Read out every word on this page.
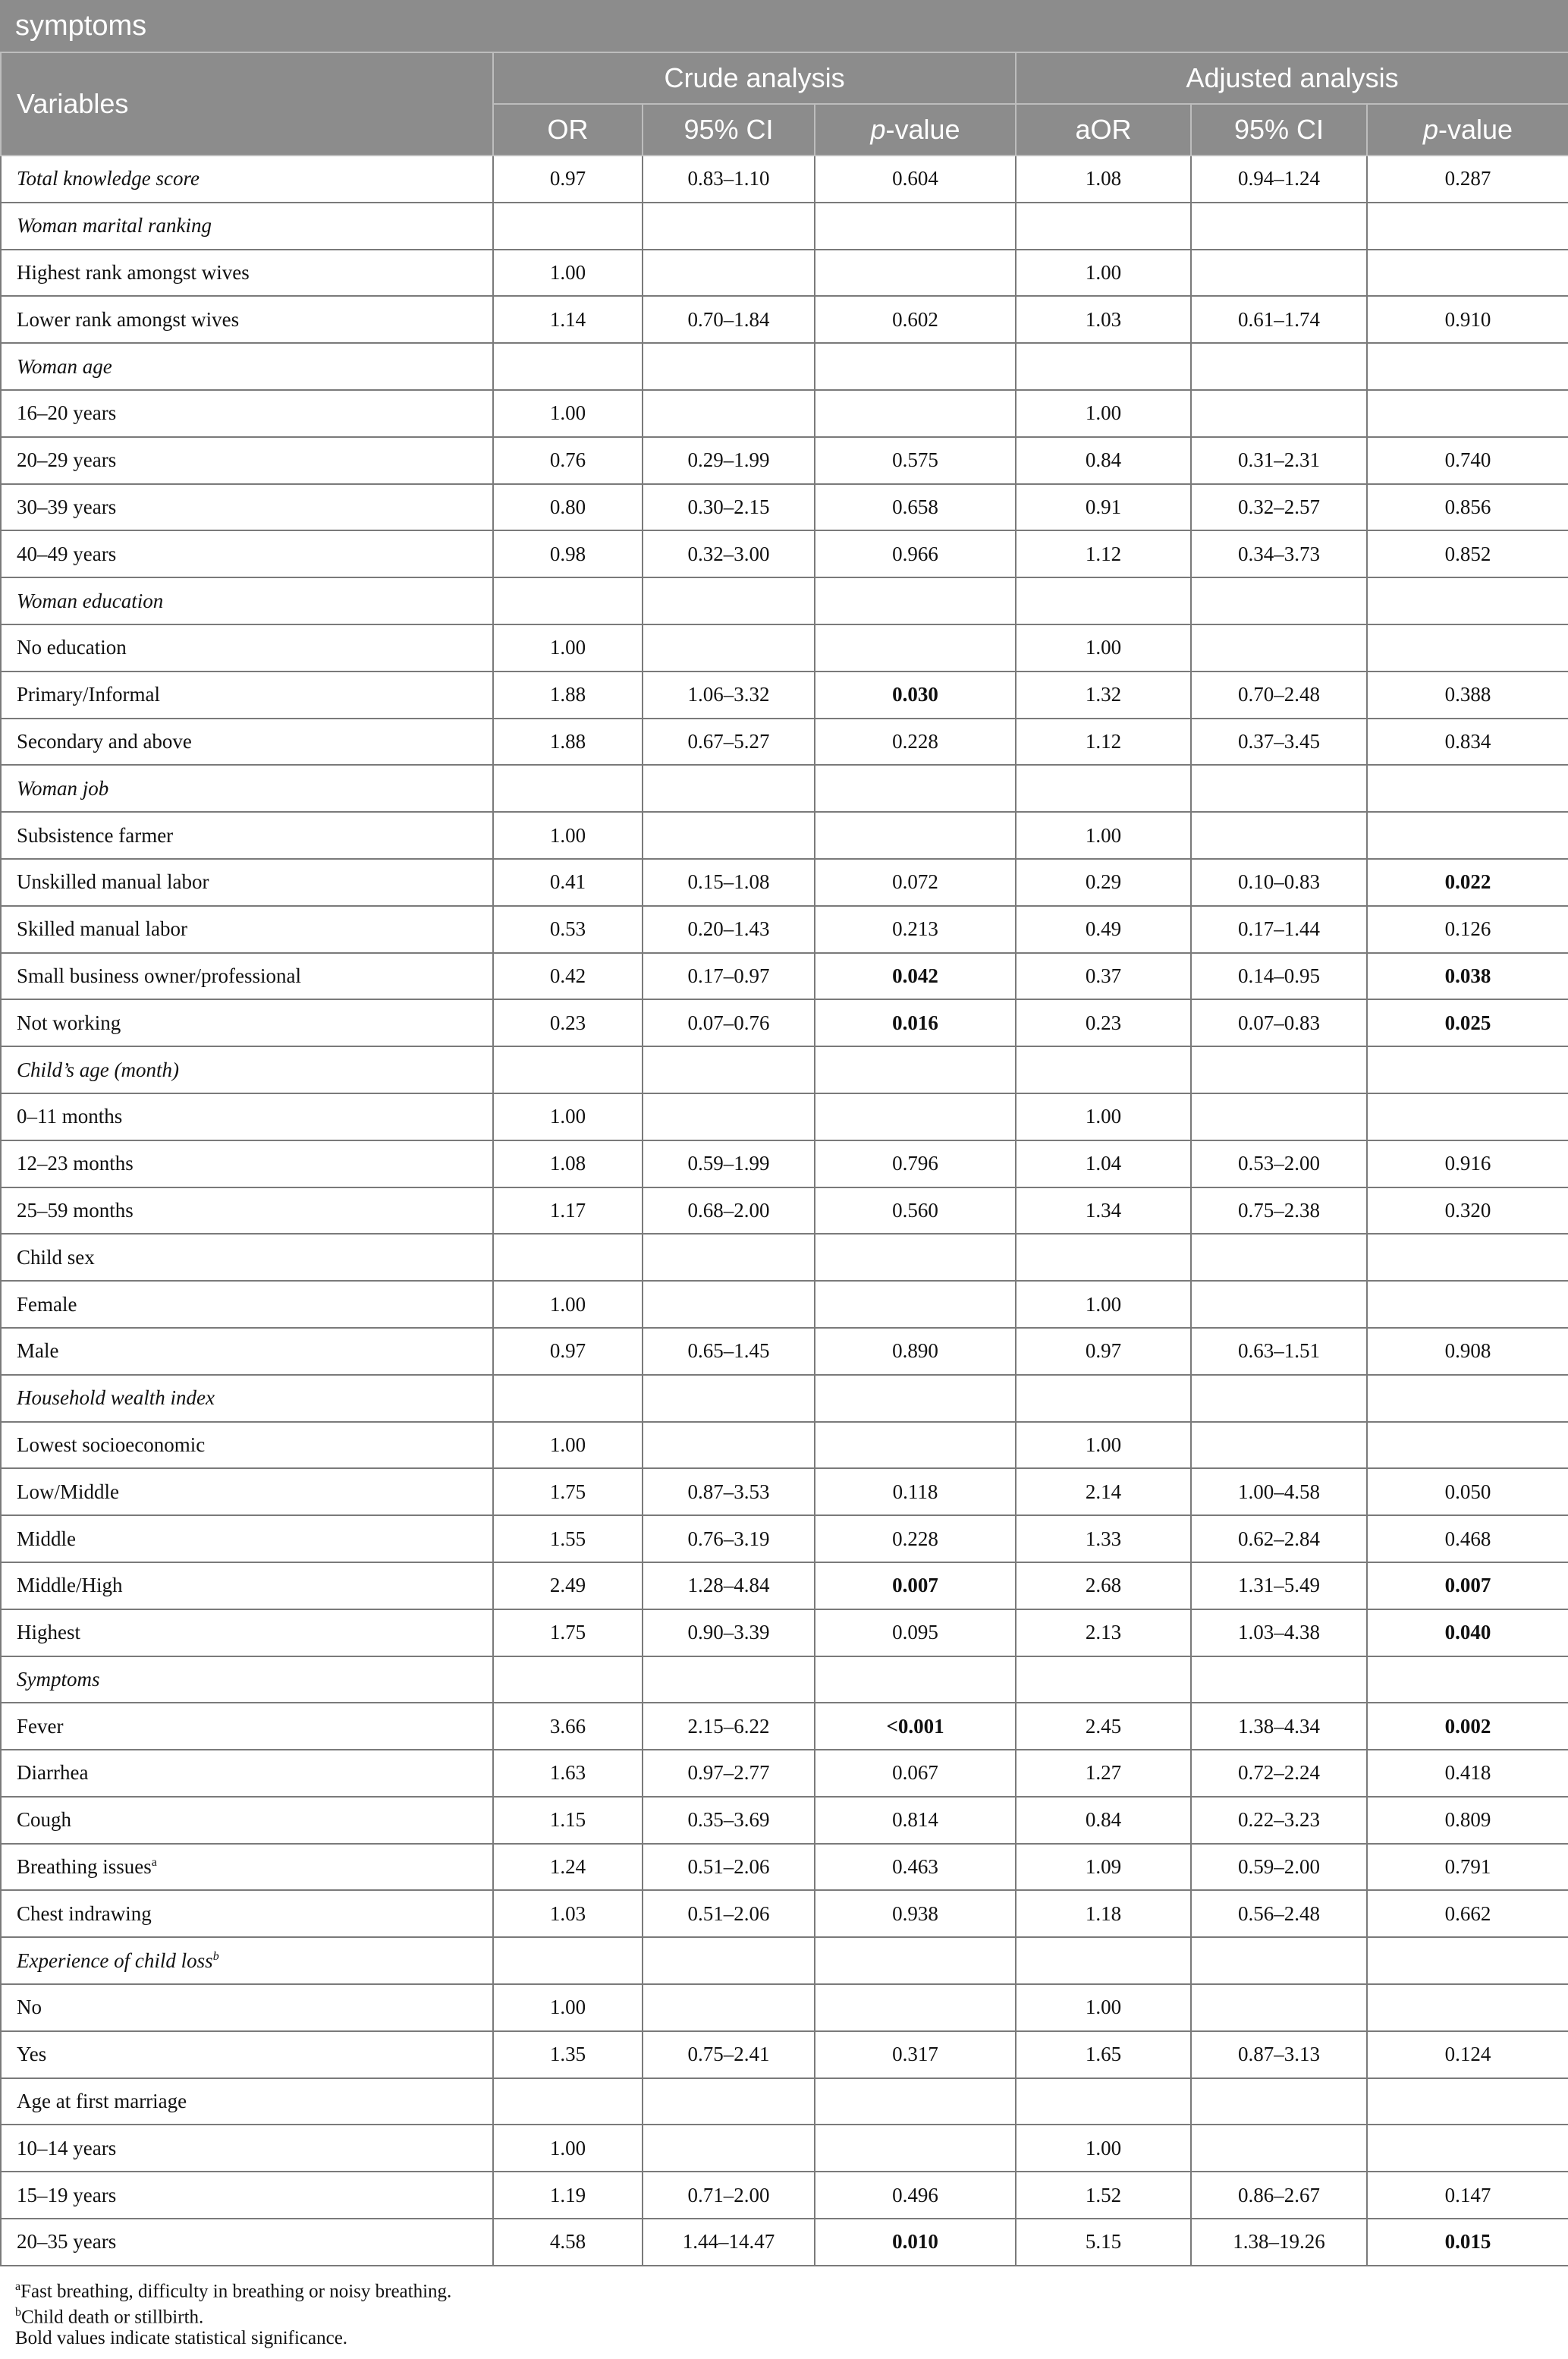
symptoms
Variables	Crude analysis			Adjusted analysis		
	OR	95% CI	p-value	aOR	95% CI	p-value
Total knowledge score	0.97	0.83–1.10	0.604	1.08	0.94–1.24	0.287
Woman marital ranking						
Highest rank amongst wives	1.00			1.00		
Lower rank amongst wives	1.14	0.70–1.84	0.602	1.03	0.61–1.74	0.910
Woman age						
16–20 years	1.00			1.00		
20–29 years	0.76	0.29–1.99	0.575	0.84	0.31–2.31	0.740
30–39 years	0.80	0.30–2.15	0.658	0.91	0.32–2.57	0.856
40–49 years	0.98	0.32–3.00	0.966	1.12	0.34–3.73	0.852
Woman education						
No education	1.00			1.00		
Primary/Informal	1.88	1.06–3.32	0.030	1.32	0.70–2.48	0.388
Secondary and above	1.88	0.67–5.27	0.228	1.12	0.37–3.45	0.834
Woman job						
Subsistence farmer	1.00			1.00		
Unskilled manual labor	0.41	0.15–1.08	0.072	0.29	0.10–0.83	0.022
Skilled manual labor	0.53	0.20–1.43	0.213	0.49	0.17–1.44	0.126
Small business owner/professional	0.42	0.17–0.97	0.042	0.37	0.14–0.95	0.038
Not working	0.23	0.07–0.76	0.016	0.23	0.07–0.83	0.025
Child’s age (month)						
0–11 months	1.00			1.00		
12–23 months	1.08	0.59–1.99	0.796	1.04	0.53–2.00	0.916
25–59 months	1.17	0.68–2.00	0.560	1.34	0.75–2.38	0.320
Child sex						
Female	1.00			1.00		
Male	0.97	0.65–1.45	0.890	0.97	0.63–1.51	0.908
Household wealth index						
Lowest socioeconomic	1.00			1.00		
Low/Middle	1.75	0.87–3.53	0.118	2.14	1.00–4.58	0.050
Middle	1.55	0.76–3.19	0.228	1.33	0.62–2.84	0.468
Middle/High	2.49	1.28–4.84	0.007	2.68	1.31–5.49	0.007
Highest	1.75	0.90–3.39	0.095	2.13	1.03–4.38	0.040
Symptoms						
Fever	3.66	2.15–6.22	<0.001	2.45	1.38–4.34	0.002
Diarrhea	1.63	0.97–2.77	0.067	1.27	0.72–2.24	0.418
Cough	1.15	0.35–3.69	0.814	0.84	0.22–3.23	0.809
Breathing issues$^a$	1.24	0.51–2.06	0.463	1.09	0.59–2.00	0.791
Chest indrawing	1.03	0.51–2.06	0.938	1.18	0.56–2.48	0.662
Experience of child loss$^b$						
No	1.00			1.00		
Yes	1.35	0.75–2.41	0.317	1.65	0.87–3.13	0.124
Age at first marriage						
10–14 years	1.00			1.00		
15–19 years	1.19	0.71–2.00	0.496	1.52	0.86–2.67	0.147
20–35 years	4.58	1.44–14.47	0.010	5.15	1.38–19.26	0.015
$^a$Fast breathing, difficulty in breathing or noisy breathing.
$^b$Child death or stillbirth.
Bold values indicate statistical significance.
